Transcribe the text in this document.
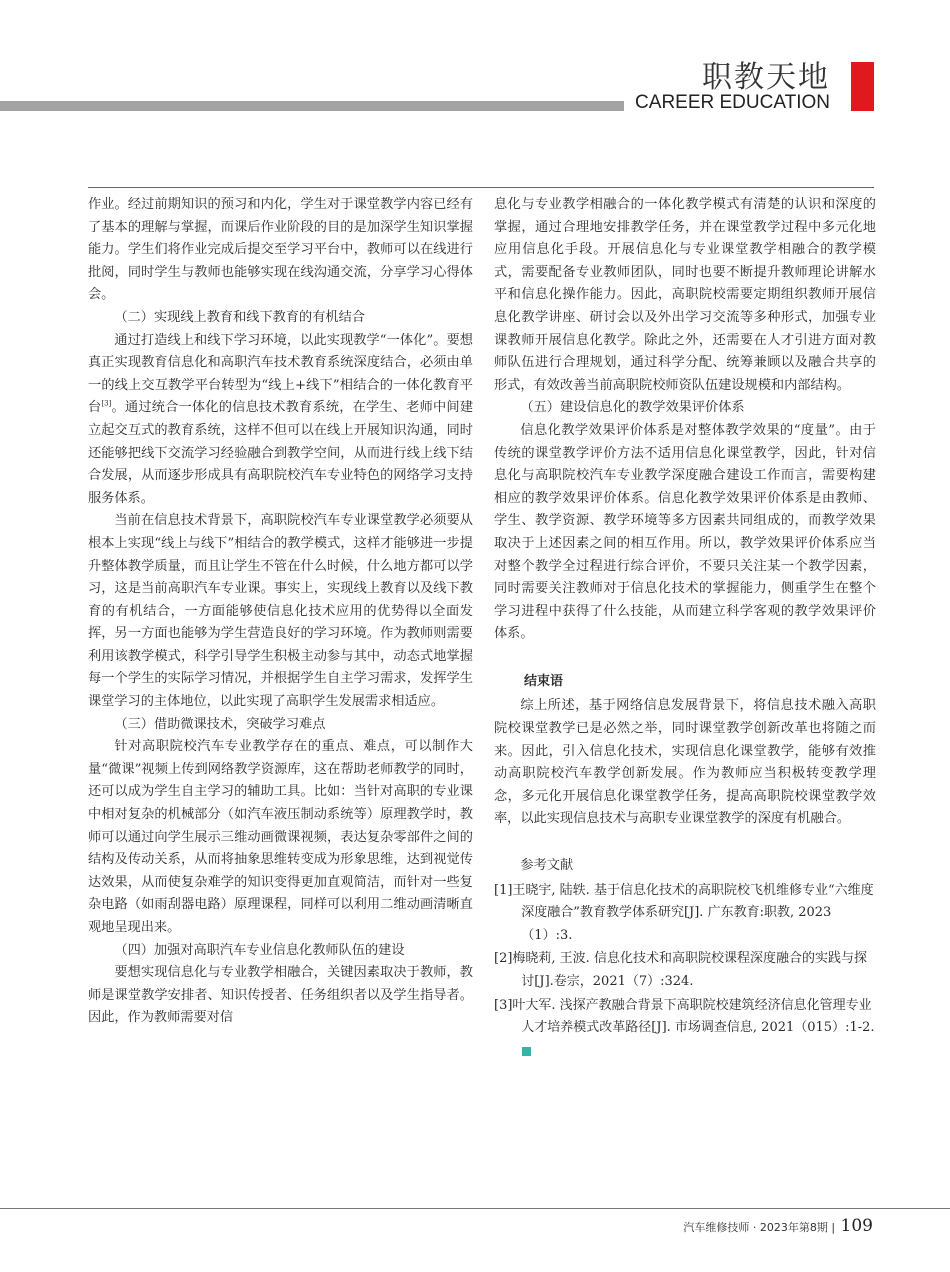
职教天地
CAREER EDUCATION

作业。经过前期知识的预习和内化，学生对于课堂教学内容已经有了基本的理解与掌握，而课后作业阶段的目的是加深学生知识掌握能力。学生们将作业完成后提交至学习平台中，教师可以在线进行批阅，同时学生与教师也能够实现在线沟通交流，分享学习心得体会。

（二）实现线上教育和线下教育的有机结合

通过打造线上和线下学习环境，以此实现教学“一体化”。要想真正实现教育信息化和高职汽车技术教育系统深度结合，必须由单一的线上交互教学平台转型为“线上+线下”相结合的一体化教育平台[3]。通过统合一体化的信息技术教育系统，在学生、老师中间建立起交互式的教育系统，这样不但可以在线上开展知识沟通，同时还能够把线下交流学习经验融合到教学空间，从而进行线上线下结合发展，从而逐步形成具有高职院校汽车专业特色的网络学习支持服务体系。

当前在信息技术背景下，高职院校汽车专业课堂教学必须要从根本上实现“线上与线下”相结合的教学模式，这样才能够进一步提升整体教学质量，而且让学生不管在什么时候，什么地方都可以学习，这是当前高职汽车专业课。事实上，实现线上教育以及线下教育的有机结合，一方面能够使信息化技术应用的优势得以全面发挥，另一方面也能够为学生营造良好的学习环境。作为教师则需要利用该教学模式，科学引导学生积极主动参与其中，动态式地掌握每一个学生的实际学习情况，并根据学生自主学习需求，发挥学生课堂学习的主体地位，以此实现了高职学生发展需求相适应。

（三）借助微课技术，突破学习难点

针对高职院校汽车专业教学存在的重点、难点，可以制作大量“微课”视频上传到网络教学资源库，这在帮助老师教学的同时，还可以成为学生自主学习的辅助工具。比如：当针对高职的专业课中相对复杂的机械部分（如汽车液压制动系统等）原理教学时，教师可以通过向学生展示三维动画微课视频，表达复杂零部件之间的结构及传动关系，从而将抽象思维转变成为形象思维，达到视觉传达效果，从而使复杂难学的知识变得更加直观简洁，而针对一些复杂电路（如雨刮器电路）原理课程，同样可以利用二维动画清晰直观地呈现出来。

（四）加强对高职汽车专业信息化教师队伍的建设

要想实现信息化与专业教学相融合，关键因素取决于教师，教师是课堂教学安排者、知识传授者、任务组织者以及学生指导者。因此，作为教师需要对信

息化与专业教学相融合的一体化教学模式有清楚的认识和深度的掌握，通过合理地安排教学任务，并在课堂教学过程中多元化地应用信息化手段。开展信息化与专业课堂教学相融合的教学模式，需要配备专业教师团队，同时也要不断提升教师理论讲解水平和信息化操作能力。因此，高职院校需要定期组织教师开展信息化教学讲座、研讨会以及外出学习交流等多种形式，加强专业课教师开展信息化教学。除此之外，还需要在人才引进方面对教师队伍进行合理规划，通过科学分配、统筹兼顾以及融合共享的形式，有效改善当前高职院校师资队伍建设规模和内部结构。

（五）建设信息化的教学效果评价体系

信息化教学效果评价体系是对整体教学效果的“度量”。由于传统的课堂教学评价方法不适用信息化课堂教学，因此，针对信息化与高职院校汽车专业教学深度融合建设工作而言，需要构建相应的教学效果评价体系。信息化教学效果评价体系是由教师、学生、教学资源、教学环境等多方因素共同组成的，而教学效果取决于上述因素之间的相互作用。所以，教学效果评价体系应当对整个教学全过程进行综合评价，不要只关注某一个教学因素，同时需要关注教师对于信息化技术的掌握能力，侧重学生在整个学习进程中获得了什么技能，从而建立科学客观的教学效果评价体系。

结束语

综上所述，基于网络信息发展背景下，将信息技术融入高职院校课堂教学已是必然之举，同时课堂教学创新改革也将随之而来。因此，引入信息化技术，实现信息化课堂教学，能够有效推动高职院校汽车教学创新发展。作为教师应当积极转变教学理念，多元化开展信息化课堂教学任务，提高高职院校课堂教学效率，以此实现信息技术与高职专业课堂教学的深度有机融合。

参考文献

[1]王晓宇, 陆轶. 基于信息化技术的高职院校飞机维修专业“六维度深度融合”教育教学体系研究[J]. 广东教育:职教, 2023（1）:3.

[2]梅晓莉, 王波. 信息化技术和高职院校课程深度融合的实践与探讨[J].卷宗，2021（7）:324.

[3]叶大军. 浅探产教融合背景下高职院校建筑经济信息化管理专业人才培养模式改革路径[J]. 市场调查信息, 2021（015）:1-2.M

汽车维修技师 · 2023年第8期 | 109
